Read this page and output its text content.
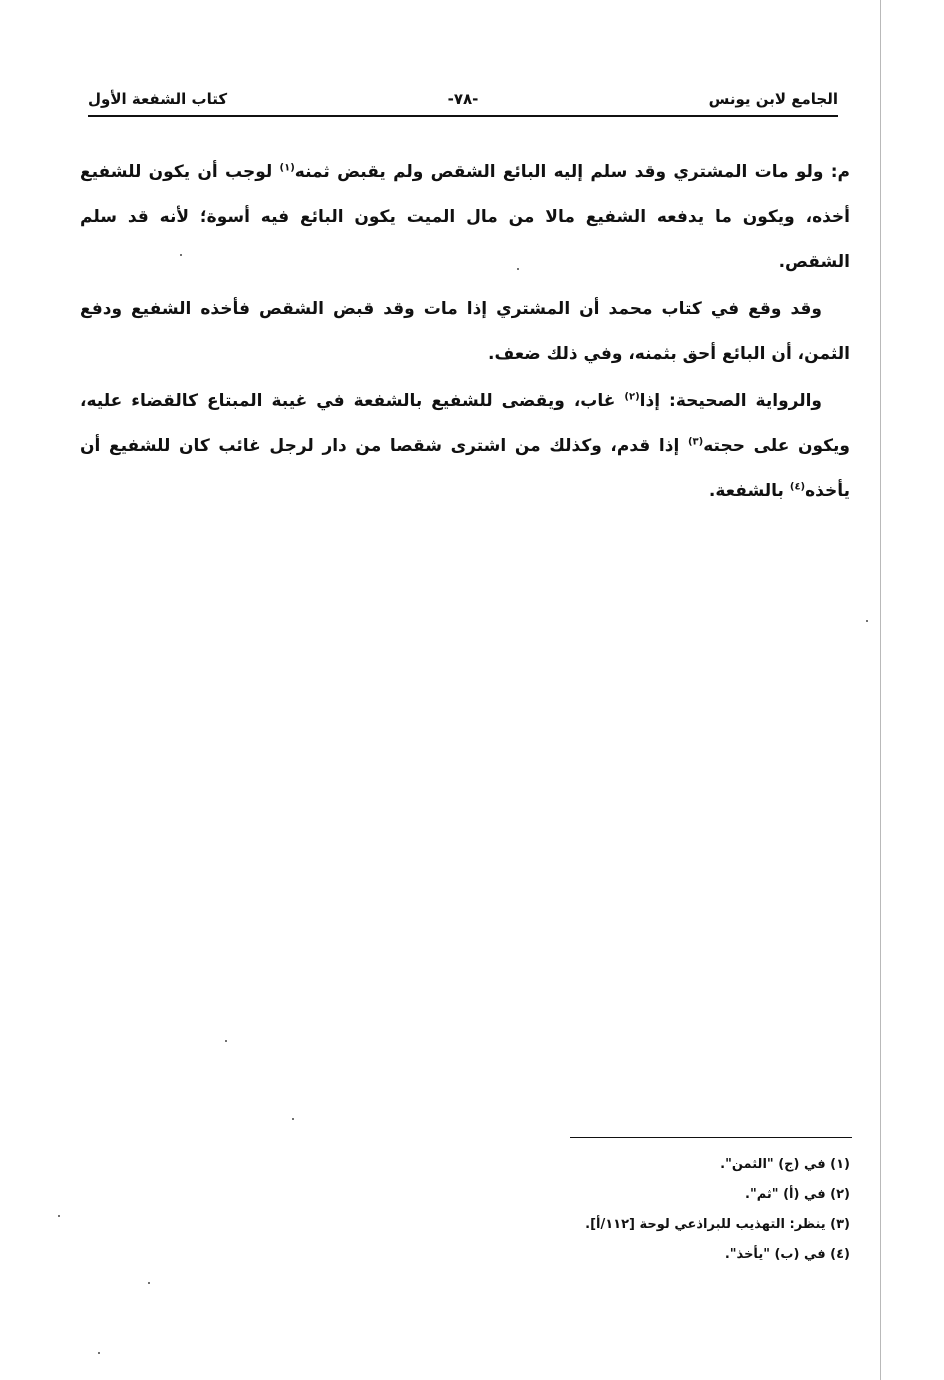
الجامع لابن يونس
-٧٨-
كتاب الشفعة الأول

م: ولو مات المشتري وقد سلم إليه البائع الشقص ولم يقبض ثمنه$^{(١)}$ لوجب أن يكون للشفيع أخذه، ويكون ما يدفعه الشفيع مالا من مال الميت يكون البائع فيه أسوة؛ لأنه قد سلم الشقص.

وقد وقع في كتاب محمد أن المشتري إذا مات وقد قبض الشقص فأخذه الشفيع ودفع الثمن، أن البائع أحق بثمنه، وفي ذلك ضعف.

والرواية الصحيحة: إذا$^{(٢)}$ غاب، ويقضى للشفيع بالشفعة في غيبة المبتاع كالقضاء عليه، ويكون على حجته$^{(٣)}$ إذا قدم، وكذلك من اشترى شقصا من دار لرجل غائب كان للشفيع أن يأخذه$^{(٤)}$ بالشفعة.

(١) في (ج) "الثمن".
(٢) في (أ) "ثم".
(٣) ينظر: التهذيب للبراذعي لوحة [١١٢/أ].
(٤) في (ب) "يأخذ".
